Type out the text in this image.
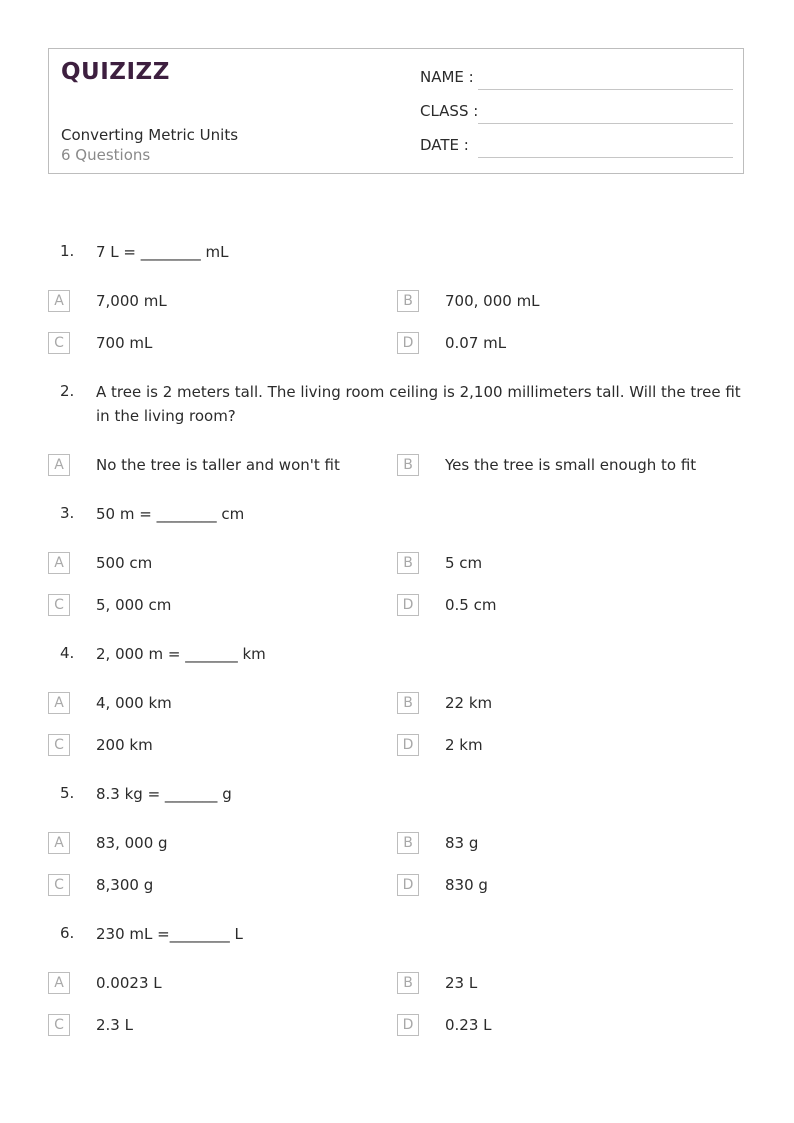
QUIZIZZ
Converting Metric Units
6 Questions
NAME :
CLASS :
DATE :
1. 7 L = ________ mL
A	7,000 mL	B	700, 000 mL
C	700 mL	D	0.07 mL
2. A tree is 2 meters tall. The living room ceiling is 2,100 millimeters tall. Will the tree fit in the living room?
A	No the tree is taller and won't fit	B	Yes the tree is small enough to fit
3. 50 m = ________ cm
A	500 cm	B	5 cm
C	5, 000 cm	D	0.5 cm
4. 2, 000 m = _______ km
A	4, 000 km	B	22 km
C	200 km	D	2 km
5. 8.3 kg = _______ g
A	83, 000 g	B	83 g
C	8,300 g	D	830 g
6. 230 mL =________ L
A	0.0023 L	B	23 L
C	2.3 L	D	0.23 L
